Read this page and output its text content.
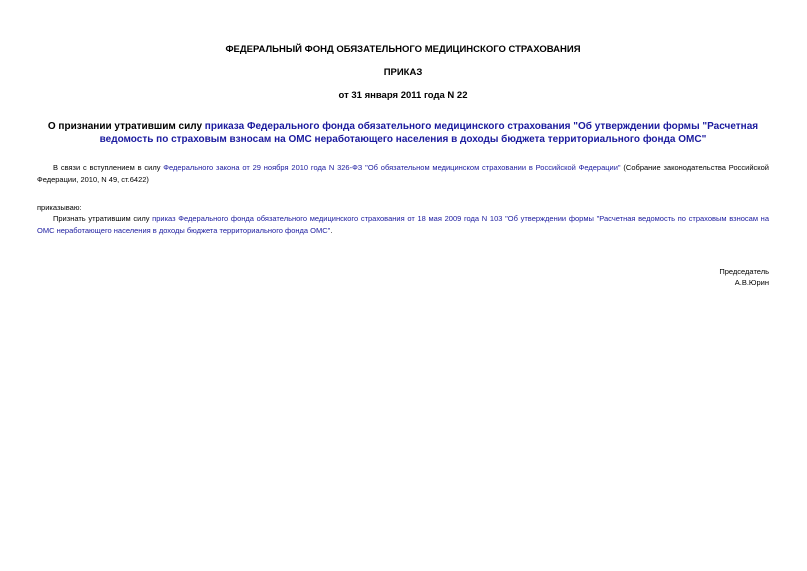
ФЕДЕРАЛЬНЫЙ ФОНД ОБЯЗАТЕЛЬНОГО МЕДИЦИНСКОГО СТРАХОВАНИЯ

ПРИКАЗ

от 31 января 2011 года N 22

О признании утратившим силу приказа Федерального фонда обязательного медицинского страхования "Об утверждении формы "Расчетная ведомость по страховым взносам на ОМС неработающего населения в доходы бюджета территориального фонда ОМС"
В связи с вступлением в силу Федерального закона от 29 ноября 2010 года N 326-ФЗ "Об обязательном медицинском страховании в Российской Федерации" (Собрание законодательства Российской Федерации, 2010, N 49, ст.6422)
приказываю:
Признать утратившим силу приказ Федерального фонда обязательного медицинского страхования от 18 мая 2009 года N 103 "Об утверждении формы "Расчетная ведомость по страховым взносам на ОМС неработающего населения в доходы бюджета территориального фонда ОМС".
Председатель
А.В.Юрин
